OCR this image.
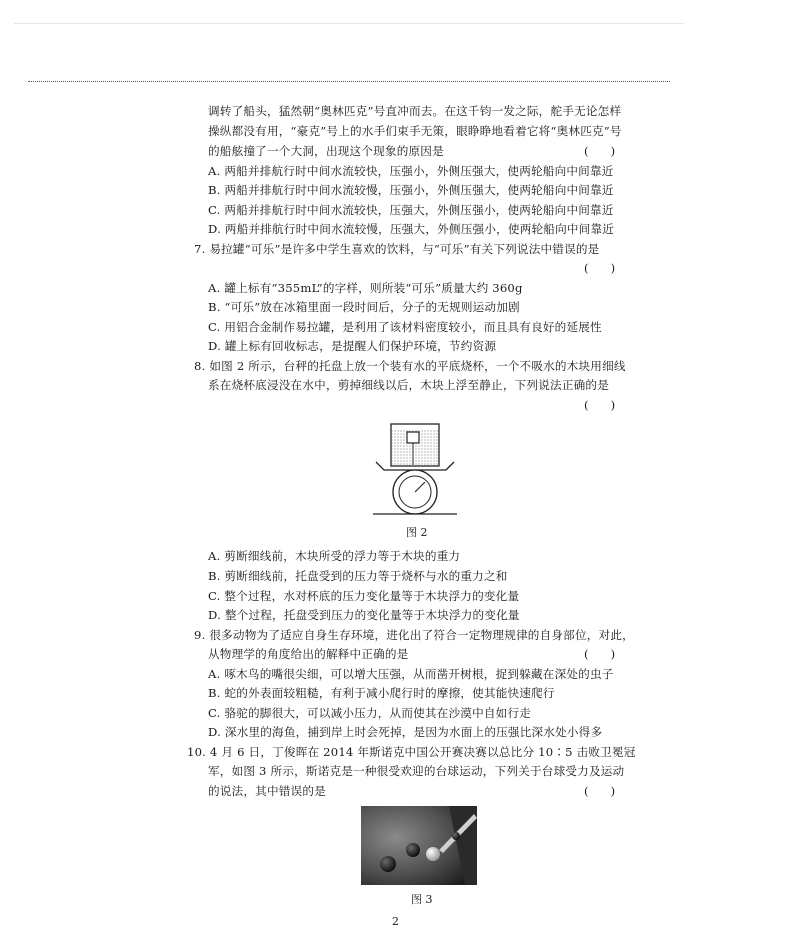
调转了船头，猛然朝“奥林匹克”号直冲而去。在这千钧一发之际，舵手无论怎样
操纵都没有用，“豪克”号上的水手们束手无策，眼睁睁地看着它将“奥林匹克”号
的船舷撞了一个大洞，出现这个现象的原因是	(      )
A. 两船并排航行时中间水流较快，压强小，外侧压强大，使两轮船向中间靠近
B. 两船并排航行时中间水流较慢，压强小，外侧压强大，使两轮船向中间靠近
C. 两船并排航行时中间水流较快，压强大，外侧压强小，使两轮船向中间靠近
D. 两船并排航行时中间水流较慢，压强大，外侧压强小，使两轮船向中间靠近
7. 易拉罐“可乐”是许多中学生喜欢的饮料，与“可乐”有关下列说法中错误的是
(      )
A. 罐上标有“355mL”的字样，则所装“可乐”质量大约 360g
B. “可乐”放在冰箱里面一段时间后，分子的无规则运动加剧
C. 用铝合金制作易拉罐，是利用了该材料密度较小，而且具有良好的延展性
D. 罐上标有回收标志，是提醒人们保护环境，节约资源
8. 如图 2 所示，台秤的托盘上放一个装有水的平底烧杯，一个不吸水的木块用细线
系在烧杯底浸没在水中，剪掉细线以后，木块上浮至静止，下列说法正确的是
(      )
图 2
A. 剪断细线前，木块所受的浮力等于木块的重力
B. 剪断细线前，托盘受到的压力等于烧杯与水的重力之和
C. 整个过程，水对杯底的压力变化量等于木块浮力的变化量
D. 整个过程，托盘受到压力的变化量等于木块浮力的变化量
9. 很多动物为了适应自身生存环境，进化出了符合一定物理规律的自身部位，对此，
从物理学的角度给出的解释中正确的是	(      )
A. 啄木鸟的嘴很尖细，可以增大压强，从而凿开树根，捉到躲藏在深处的虫子
B. 蛇的外表面较粗糙，有利于减小爬行时的摩擦，使其能快速爬行
C. 骆驼的脚很大，可以减小压力，从而使其在沙漠中自如行走
D. 深水里的海鱼，捕到岸上时会死掉，是因为水面上的压强比深水处小得多
10. 4 月 6 日，丁俊晖在 2014 年斯诺克中国公开赛决赛以总比分 10∶5 击败卫冕冠
军，如图 3 所示，斯诺克是一种很受欢迎的台球运动，下列关于台球受力及运动
的说法，其中错误的是	(      )
图 3
2
